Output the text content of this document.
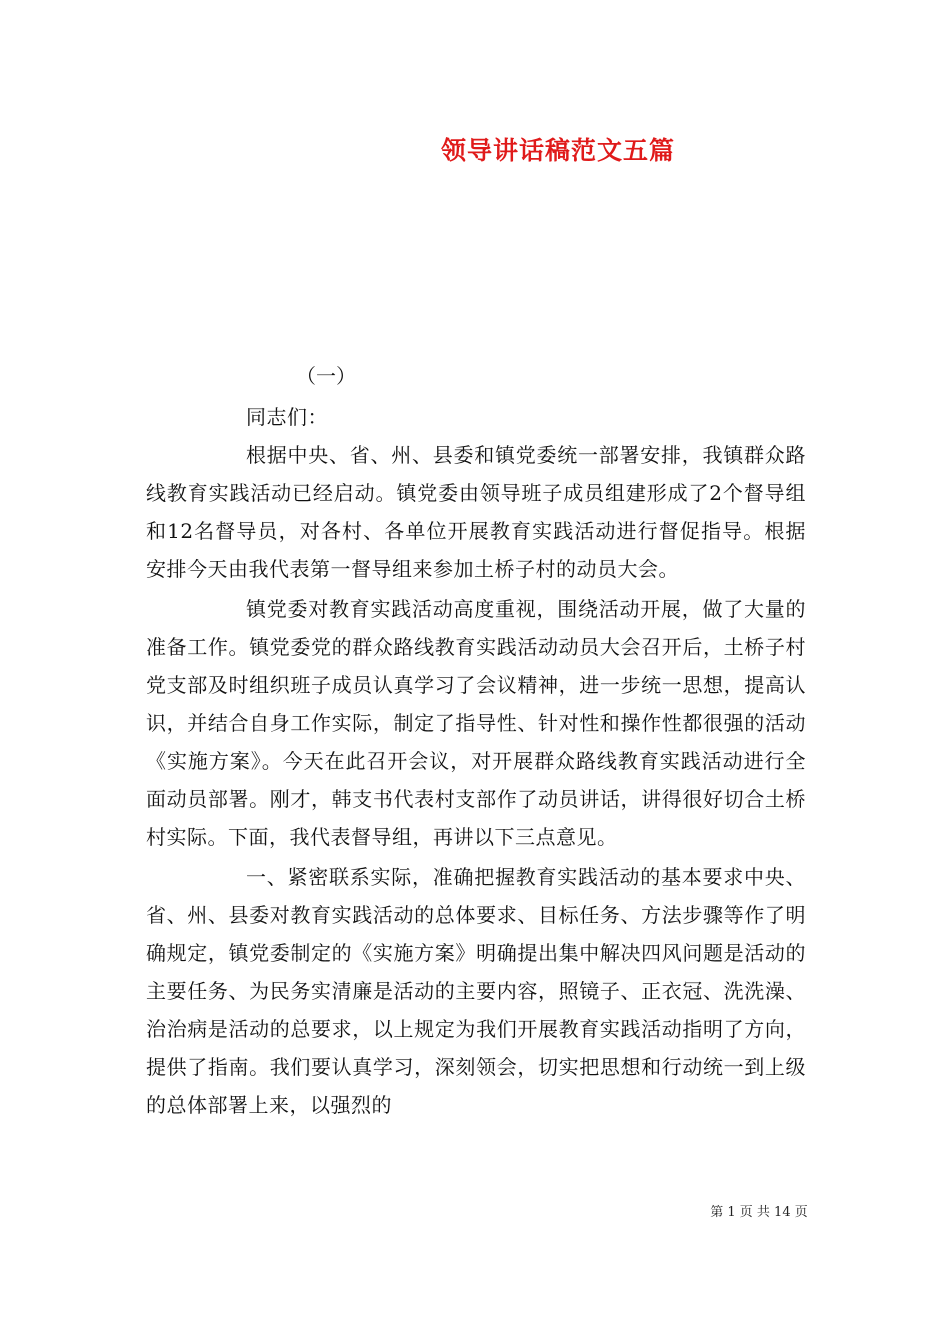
领导讲话稿范文五篇
（一）

同志们：

根据中央、省、州、县委和镇党委统一部署安排，我镇群众路线教育实践活动已经启动。镇党委由领导班子成员组建形成了2个督导组和12名督导员，对各村、各单位开展教育实践活动进行督促指导。根据安排今天由我代表第一督导组来参加土桥子村的动员大会。

镇党委对教育实践活动高度重视，围绕活动开展，做了大量的准备工作。镇党委党的群众路线教育实践活动动员大会召开后，土桥子村党支部及时组织班子成员认真学习了会议精神，进一步统一思想，提高认识，并结合自身工作实际，制定了指导性、针对性和操作性都很强的活动《实施方案》。今天在此召开会议，对开展群众路线教育实践活动进行全面动员部署。刚才，韩支书代表村支部作了动员讲话，讲得很好切合土桥村实际。下面，我代表督导组，再讲以下三点意见。

一、紧密联系实际，准确把握教育实践活动的基本要求中央、省、州、县委对教育实践活动的总体要求、目标任务、方法步骤等作了明确规定，镇党委制定的《实施方案》明确提出集中解决四风问题是活动的主要任务、为民务实清廉是活动的主要内容，照镜子、正衣冠、洗洗澡、治治病是活动的总要求，以上规定为我们开展教育实践活动指明了方向，提供了指南。我们要认真学习，深刻领会，切实把思想和行动统一到上级的总体部署上来，以强烈的

第 1 页 共 14 页
